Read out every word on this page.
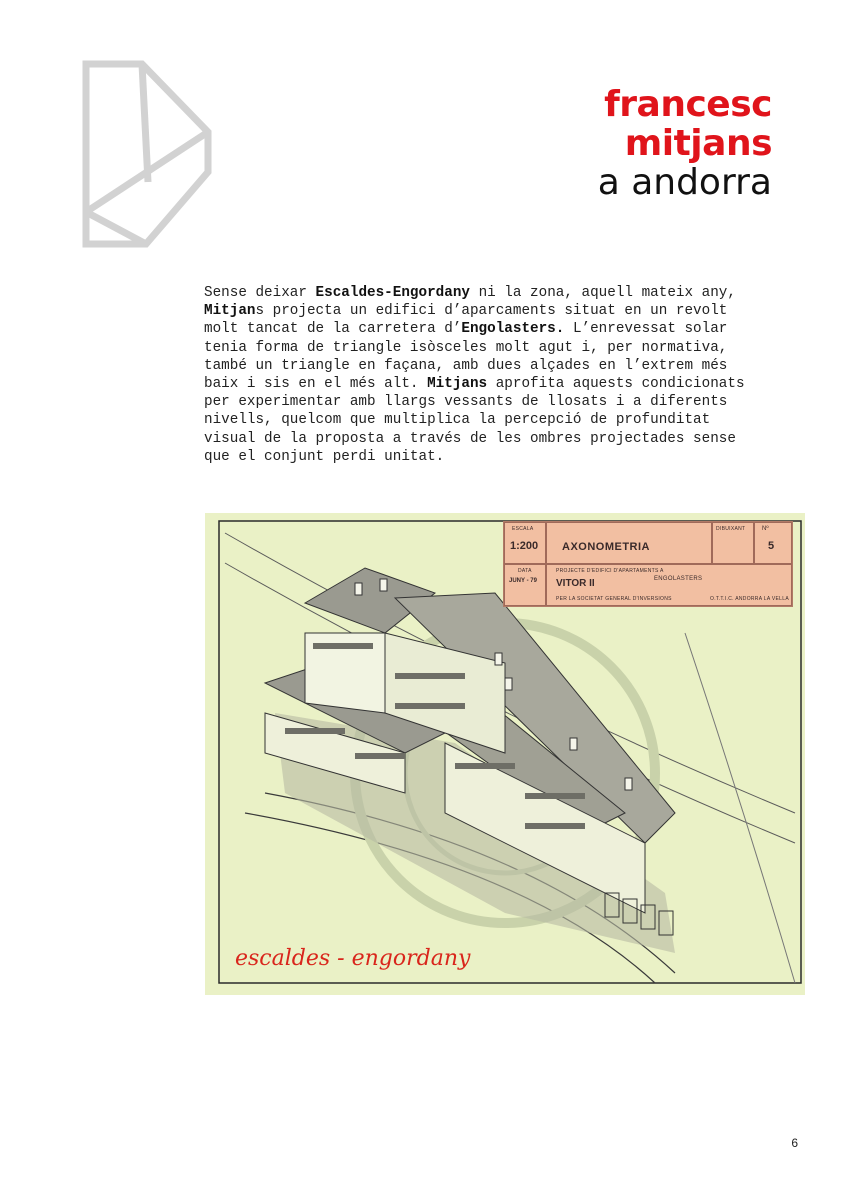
francesc
mitjans
a andorra
Sense deixar Escaldes-Engordany ni la zona, aquell mateix any,
Mitjans projecta un edifici d’aparcaments situat en un revolt
molt tancat de la carretera d’Engolasters. L’enrevessat solar
tenia forma de triangle isòsceles molt agut i, per normativa,
també un triangle en façana, amb dues alçades en l’extrem més
baix i sis en el més alt. Mitjans aprofita aquests condicionats
per experimentar amb llargs vessants de llosats i a diferents
nivells, quelcom que multiplica la percepció de profunditat
visual de la proposta a través de les ombres projectades sense
que el conjunt perdi unitat.
ESCALA
1:200 AXONOMETRIA
DIBUIXANT	Nº
5
DATA
JUNY - 79
PROJECTE D'EDIFICI D'APARTAMENTS A
ENGOLASTERS
VITOR II
PER LA SOCIETAT GENERAL D'INVERSIONS	O.T.T.I.C. ANDORRA LA VELLA
escaldes - engordany
6
